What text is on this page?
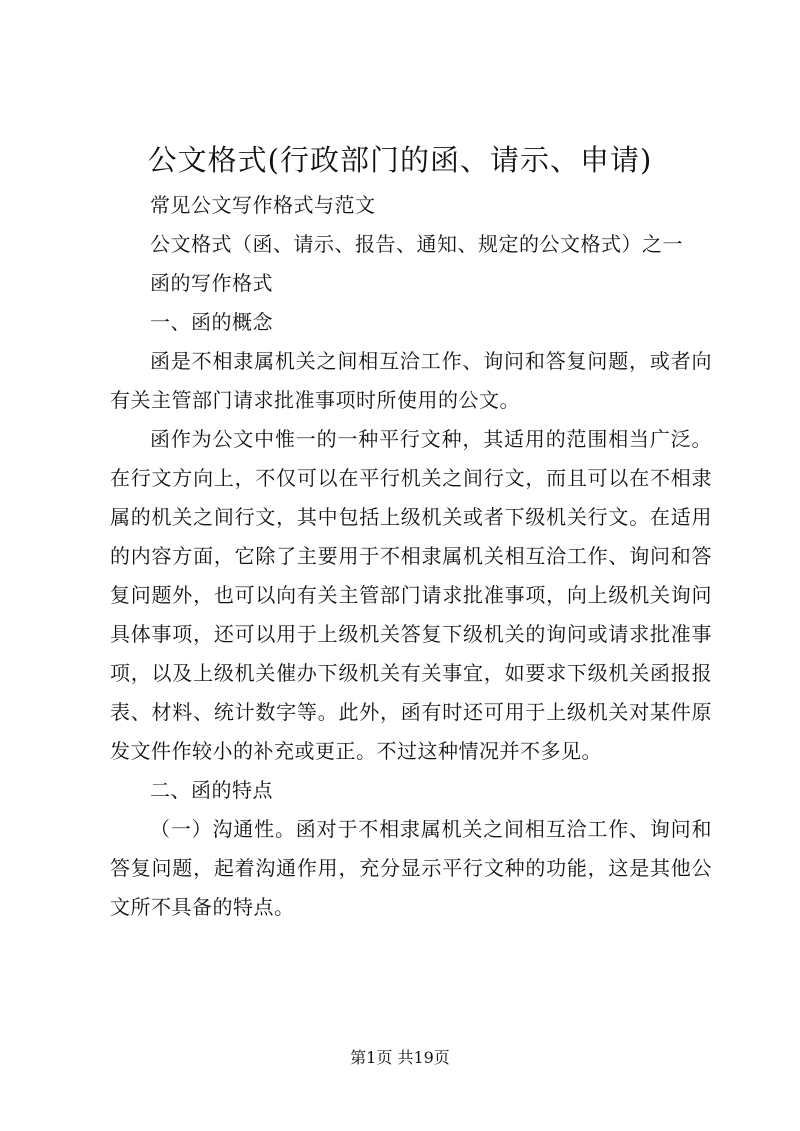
公文格式(行政部门的函、请示、申请)

常见公文写作格式与范文

公文格式（函、请示、报告、通知、规定的公文格式）之一

函的写作格式

一、函的概念

函是不相隶属机关之间相互洽工作、询问和答复问题，或者向有关主管部门请求批准事项时所使用的公文。

函作为公文中惟一的一种平行文种，其适用的范围相当广泛。在行文方向上，不仅可以在平行机关之间行文，而且可以在不相隶属的机关之间行文，其中包括上级机关或者下级机关行文。在适用的内容方面，它除了主要用于不相隶属机关相互洽工作、询问和答复问题外，也可以向有关主管部门请求批准事项，向上级机关询问具体事项，还可以用于上级机关答复下级机关的询问或请求批准事项，以及上级机关催办下级机关有关事宜，如要求下级机关函报报表、材料、统计数字等。此外，函有时还可用于上级机关对某件原发文件作较小的补充或更正。不过这种情况并不多见。

二、函的特点

（一）沟通性。函对于不相隶属机关之间相互洽工作、询问和答复问题，起着沟通作用，充分显示平行文种的功能，这是其他公文所不具备的特点。

第1页 共19页
